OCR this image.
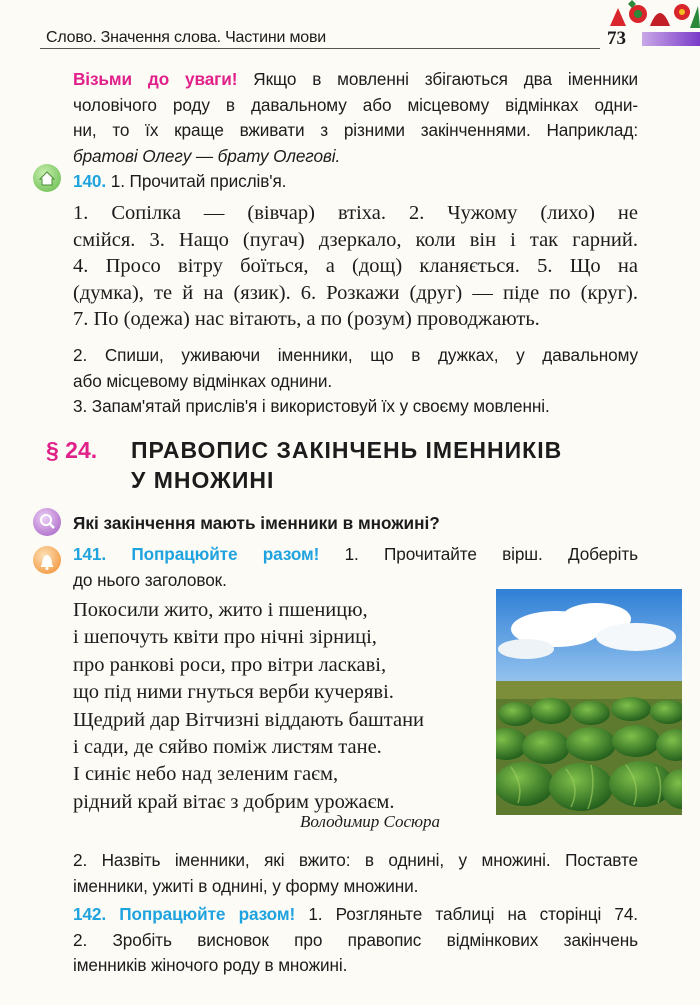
Слово. Значення слова. Частини мови	73
Візьми до уваги! Якщо в мовленні збігаються два іменники
чоловічого роду в давальному або місцевому відмінках одни-
ни, то їх краще вживати з різними закінченнями. Наприклад:
братові Олегу — брату Олегові.
140. 1. Прочитай прислів'я.
1. Сопілка — (вівчар) втіха. 2. Чужому (лихо) не
смійся. 3. Нащо (пугач) дзеркало, коли він і так гарний.
4. Просо вітру боїться, а (дощ) кланяється. 5. Що на
(думка), те й на (язик). 6. Розкажи (друг) — піде по (круг).
7. По (одежа) нас вітають, а по (розум) проводжають.
2. Спиши, уживаючи іменники, що в дужках, у давальному
або місцевому відмінках однини.
3. Запам'ятай прислів'я і використовуй їх у своєму мовленні.
§ 24. ПРАВОПИС ЗАКІНЧЕНЬ ІМЕННИКІВ
У МНОЖИНІ
Які закінчення мають іменники в множині?
141. Попрацюйте разом! 1. Прочитайте вірш. Доберіть
до нього заголовок.
Покосили жито, жито і пшеницю,
і шепочуть квіти про нічні зірниці,
про ранкові роси, про вітри ласкаві,
що під ними гнуться верби кучеряві.
Щедрий дар Вітчизні віддають баштани
і сади, де сяйво поміж листям тане.
І синіє небо над зеленим гаєм,
рідний край вітає з добрим урожаєм.
Володимир Сосюра
2. Назвіть іменники, які вжито: в однині, у множині. Поставте
іменники, ужиті в однині, у форму множини.
142. Попрацюйте разом! 1. Розгляньте таблиці на сторінці 74.
2. Зробіть висновок про правопис відмінкових закінчень
іменників жіночого роду в множині.
